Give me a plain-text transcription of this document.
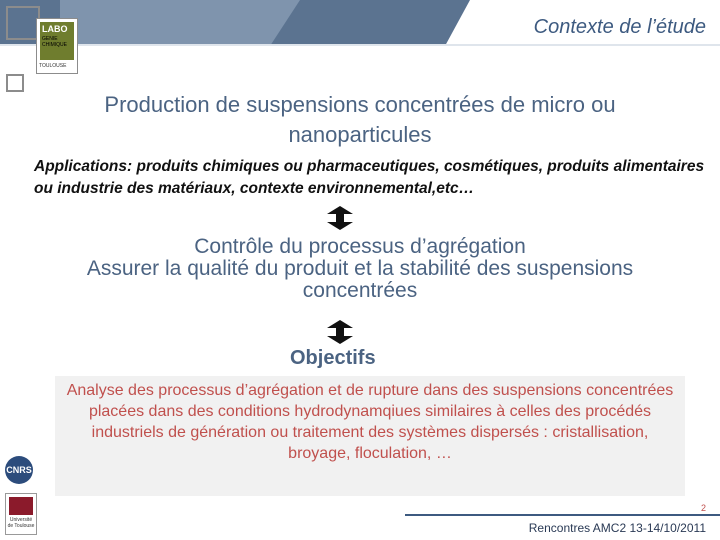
LABO
GENIE CHIMIQUE
TOULOUSE
Contexte de l’étude
Production de suspensions concentrées de micro ou nanoparticules
Applications: produits chimiques ou pharmaceutiques, cosmétiques, produits alimentaires ou industrie des matériaux, contexte environnemental,etc…
Contrôle du processus d’agrégation
Assurer la qualité du produit et la stabilité des suspensions concentrées
Objectifs
Analyse des processus d’agrégation et de rupture dans des suspensions concentrées placées dans des conditions hydrodynamqiues similaires à celles des procédés industriels de génération ou traitement des systèmes dispersés : cristallisation, broyage, floculation, …
CNRS
Université de Toulouse
2
Rencontres AMC2 13-14/10/2011
